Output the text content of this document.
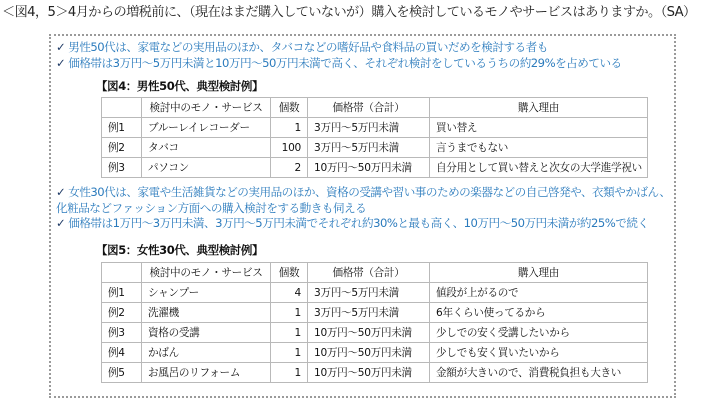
＜図4，5＞4月からの増税前に、（現在はまだ購入していないが）購入を検討しているモノやサービスはありますか。（SA）
✓ 男性50代は、家電などの実用品のほか、タバコなどの嗜好品や食料品の買いだめを検討する者も
✓ 価格帯は3万円～5万円未満と10万円～50万円未満で高く、それぞれ検討をしているうちの約29%を占めている
【図4：男性50代、典型検討例】
	検討中のモノ・サービス	個数	価格帯（合計）	購入理由
例1	ブルーレイレコーダー	1	3万円～5万円未満	買い替え
例2	タバコ	100	3万円～5万円未満	言うまでもない
例3	パソコン	2	10万円～50万円未満	自分用として買い替えと次女の大学進学祝い
✓ 女性30代は、家電や生活雑貨などの実用品のほか、資格の受講や習い事のための楽器などの自己啓発や、衣類やかばん、化粧品などファッション方面への購入検討をする動きも伺える
✓ 価格帯は1万円～3万円未満、3万円～5万円未満でそれぞれ約30%と最も高く、10万円～50万円未満が約25%で続く
【図5：女性30代、典型検討例】
	検討中のモノ・サービス	個数	価格帯（合計）	購入理由
例1	シャンプー	4	3万円～5万円未満	値段が上がるので
例2	洗濯機	1	3万円～5万円未満	6年くらい使ってるから
例3	資格の受講	1	10万円～50万円未満	少しでの安く受講したいから
例4	かばん	1	10万円～50万円未満	少しでも安く買いたいから
例5	お風呂のリフォーム	1	10万円～50万円未満	金額が大きいので、消費税負担も大きい
